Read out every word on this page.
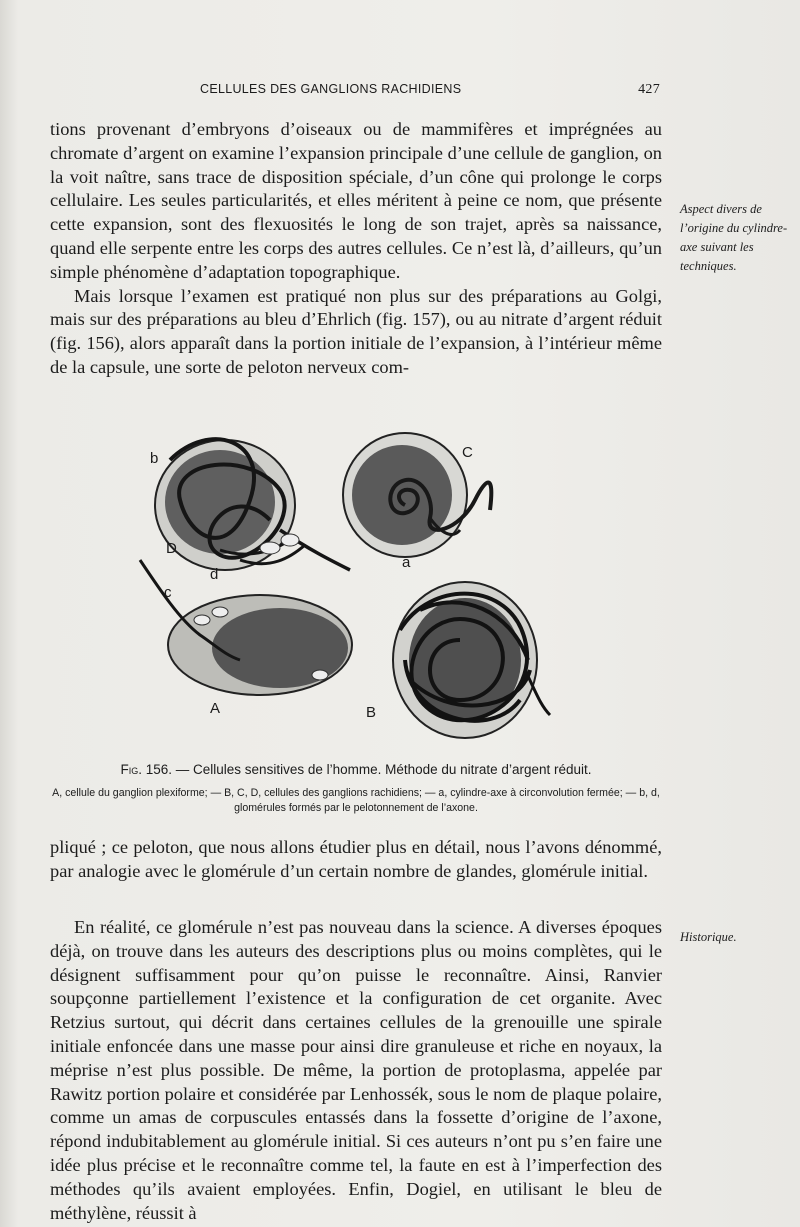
CELLULES DES GANGLIONS RACHIDIENS	427

tions provenant d’embryons d’oiseaux ou de mammifères et imprégnées au chromate d’argent on examine l’expansion principale d’une cellule de ganglion, on la voit naître, sans trace de disposition spéciale, d’un cône qui prolonge le corps cellulaire. Les seules particularités, et elles méritent à peine ce nom, que présente cette expansion, sont des flexuosités le long de son trajet, après sa naissance, quand elle serpente entre les corps des autres cellules. Ce n’est là, d’ailleurs, qu’un simple phénomène d’adaptation topographique.

Mais lorsque l’examen est pratiqué non plus sur des préparations au Golgi, mais sur des préparations au bleu d’Ehrlich (fig. 157), ou au nitrate d’argent réduit (fig. 156), alors apparaît dans la portion initiale de l’expansion, à l’intérieur même de la capsule, une sorte de peloton nerveux com-

Aspect divers de l’origine du cylindre-axe suivant les techniques.
b	C
D
d
a
c
A	B
Fig. 156. — Cellules sensitives de l’homme. Méthode du nitrate d’argent réduit.
A, cellule du ganglion plexiforme; — B, C, D, cellules des ganglions rachidiens; — a, cylindre-axe à circonvolution fermée; — b, d, glomérules formés par le pelotonnement de l’axone.

pliqué ; ce peloton, que nous allons étudier plus en détail, nous l’avons dénommé, par analogie avec le glomérule d’un certain nombre de glandes, glomérule initial.

En réalité, ce glomérule n’est pas nouveau dans la science. A diverses époques déjà, on trouve dans les auteurs des descriptions plus ou moins complètes, qui le désignent suffisamment pour qu’on puisse le reconnaître. Ainsi, Ranvier soupçonne partiellement l’existence et la configuration de cet organite. Avec Retzius surtout, qui décrit dans certaines cellules de la grenouille une spirale initiale enfoncée dans une masse pour ainsi dire granuleuse et riche en noyaux, la méprise n’est plus possible. De même, la portion de protoplasma, appelée par Rawitz portion polaire et considérée par Lenhossék, sous le nom de plaque polaire, comme un amas de corpuscules entassés dans la fossette d’origine de l’axone, répond indubitablement au glomérule initial. Si ces auteurs n’ont pu s’en faire une idée plus précise et le reconnaître comme tel, la faute en est à l’imperfection des méthodes qu’ils avaient employées. Enfin, Dogiel, en utilisant le bleu de méthylène, réussit à

Historique.
